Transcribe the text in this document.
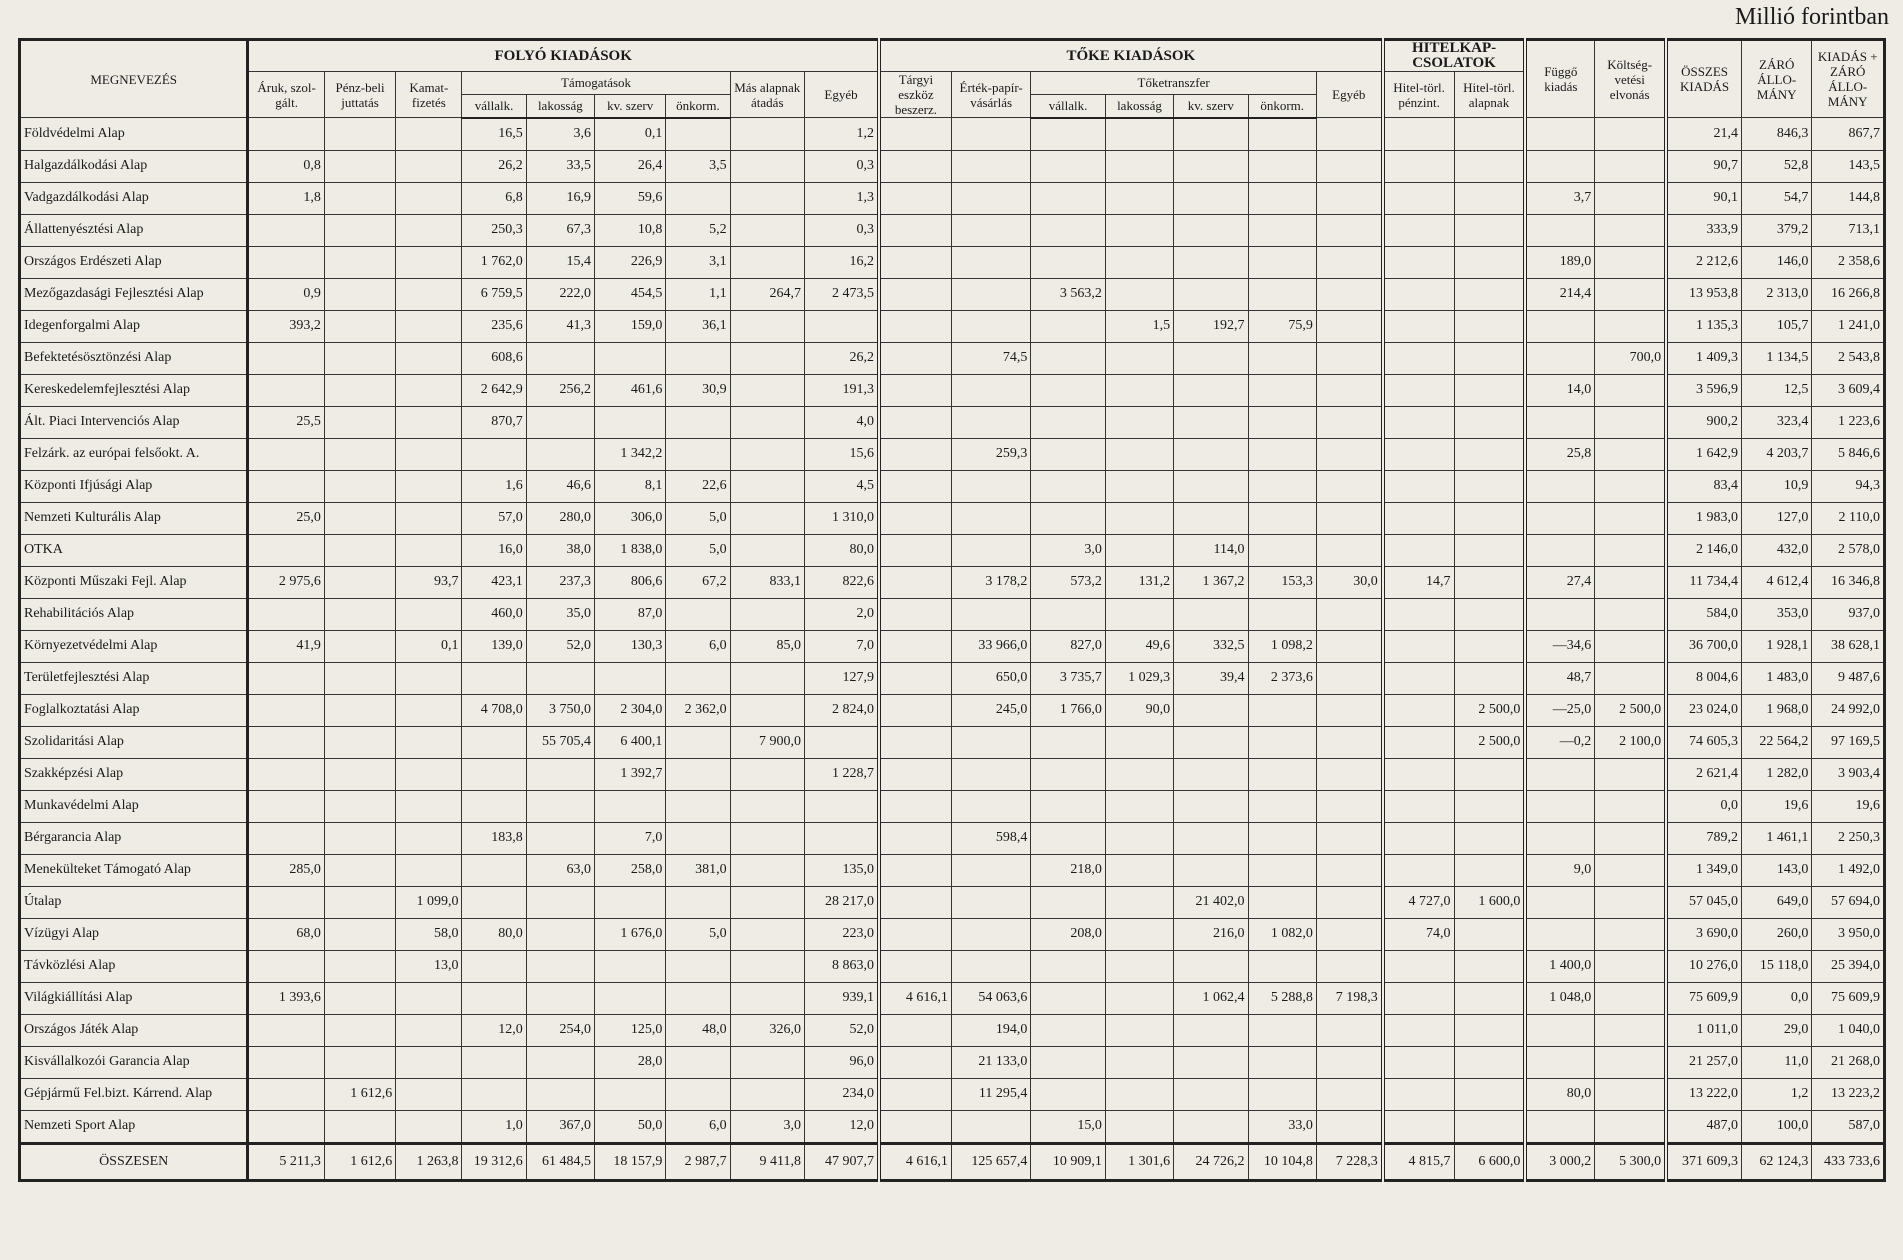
Millió forintban
MEGNEVEZÉS	FOLYÓ KIADÁSOK									TŐKE KIADÁSOK							HITELKAP-CSOLATOK		Függő kiadás	Költség-vetési elvonás	ÖSSZES KIADÁS	ZÁRÓ ÁLLO-MÁNY	KIADÁS + ZÁRÓ ÁLLO-MÁNY
	Áruk, szol-gált.	Pénz-beli juttatás	Kamat-fizetés	Támogatások				Más alapnak átadás	Egyéb	Tárgyi eszköz beszerz.	Érték-papír-vásárlás	Tőketranszfer				Egyéb	Hitel-törl. pénzint.	Hitel-törl. alapnak					
				vállalk.	lakosság	kv. szerv	önkorm.					vállalk.	lakosság	kv. szerv	önkorm.								
Földvédelmi Alap				16,5	3,6	0,1			1,2												21,4	846,3	867,7
Halgazdálkodási Alap	0,8			26,2	33,5	26,4	3,5		0,3												90,7	52,8	143,5
Vadgazdálkodási Alap	1,8			6,8	16,9	59,6			1,3										3,7		90,1	54,7	144,8
Állattenyésztési Alap				250,3	67,3	10,8	5,2		0,3												333,9	379,2	713,1
Országos Erdészeti Alap				1 762,0	15,4	226,9	3,1		16,2										189,0		2 212,6	146,0	2 358,6
Mezőgazdasági Fejlesztési Alap	0,9			6 759,5	222,0	454,5	1,1	264,7	2 473,5			3 563,2							214,4		13 953,8	2 313,0	16 266,8
Idegenforgalmi Alap	393,2			235,6	41,3	159,0	36,1						1,5	192,7	75,9						1 135,3	105,7	1 241,0
Befektetésösztönzési Alap				608,6					26,2		74,5									700,0	1 409,3	1 134,5	2 543,8
Kereskedelemfejlesztési Alap				2 642,9	256,2	461,6	30,9		191,3										14,0		3 596,9	12,5	3 609,4
Ált. Piaci Intervenciós Alap	25,5			870,7					4,0												900,2	323,4	1 223,6
Felzárk. az európai felsőokt. A.						1 342,2			15,6		259,3								25,8		1 642,9	4 203,7	5 846,6
Központi Ifjúsági Alap				1,6	46,6	8,1	22,6		4,5												83,4	10,9	94,3
Nemzeti Kulturális Alap	25,0			57,0	280,0	306,0	5,0		1 310,0												1 983,0	127,0	2 110,0
OTKA				16,0	38,0	1 838,0	5,0		80,0			3,0		114,0							2 146,0	432,0	2 578,0
Központi Műszaki Fejl. Alap	2 975,6		93,7	423,1	237,3	806,6	67,2	833,1	822,6		3 178,2	573,2	131,2	1 367,2	153,3	30,0	14,7		27,4		11 734,4	4 612,4	16 346,8
Rehabilitációs Alap				460,0	35,0	87,0			2,0												584,0	353,0	937,0
Környezetvédelmi Alap	41,9		0,1	139,0	52,0	130,3	6,0	85,0	7,0		33 966,0	827,0	49,6	332,5	1 098,2				—34,6		36 700,0	1 928,1	38 628,1
Területfejlesztési Alap									127,9		650,0	3 735,7	1 029,3	39,4	2 373,6				48,7		8 004,6	1 483,0	9 487,6
Foglalkoztatási Alap				4 708,0	3 750,0	2 304,0	2 362,0		2 824,0		245,0	1 766,0	90,0					2 500,0	—25,0	2 500,0	23 024,0	1 968,0	24 992,0
Szolidaritási Alap					55 705,4	6 400,1		7 900,0										2 500,0	—0,2	2 100,0	74 605,3	22 564,2	97 169,5
Szakképzési Alap						1 392,7			1 228,7												2 621,4	1 282,0	3 903,4
Munkavédelmi Alap																					0,0	19,6	19,6
Bérgarancia Alap				183,8		7,0					598,4										789,2	1 461,1	2 250,3
Menekülteket Támogató Alap	285,0				63,0	258,0	381,0		135,0			218,0							9,0		1 349,0	143,0	1 492,0
Útalap			1 099,0						28 217,0					21 402,0			4 727,0	1 600,0			57 045,0	649,0	57 694,0
Vízügyi Alap	68,0		58,0	80,0		1 676,0	5,0		223,0			208,0		216,0	1 082,0		74,0				3 690,0	260,0	3 950,0
Távközlési Alap			13,0						8 863,0										1 400,0		10 276,0	15 118,0	25 394,0
Világkiállítási Alap	1 393,6								939,1	4 616,1	54 063,6			1 062,4	5 288,8	7 198,3			1 048,0		75 609,9	0,0	75 609,9
Országos Játék Alap				12,0	254,0	125,0	48,0	326,0	52,0		194,0										1 011,0	29,0	1 040,0
Kisvállalkozói Garancia Alap						28,0			96,0		21 133,0										21 257,0	11,0	21 268,0
Gépjármű Fel.bizt. Kárrend. Alap		1 612,6							234,0		11 295,4								80,0		13 222,0	1,2	13 223,2
Nemzeti Sport Alap				1,0	367,0	50,0	6,0	3,0	12,0			15,0			33,0						487,0	100,0	587,0
ÖSSZESEN	5 211,3	1 612,6	1 263,8	19 312,6	61 484,5	18 157,9	2 987,7	9 411,8	47 907,7	4 616,1	125 657,4	10 909,1	1 301,6	24 726,2	10 104,8	7 228,3	4 815,7	6 600,0	3 000,2	5 300,0	371 609,3	62 124,3	433 733,6
